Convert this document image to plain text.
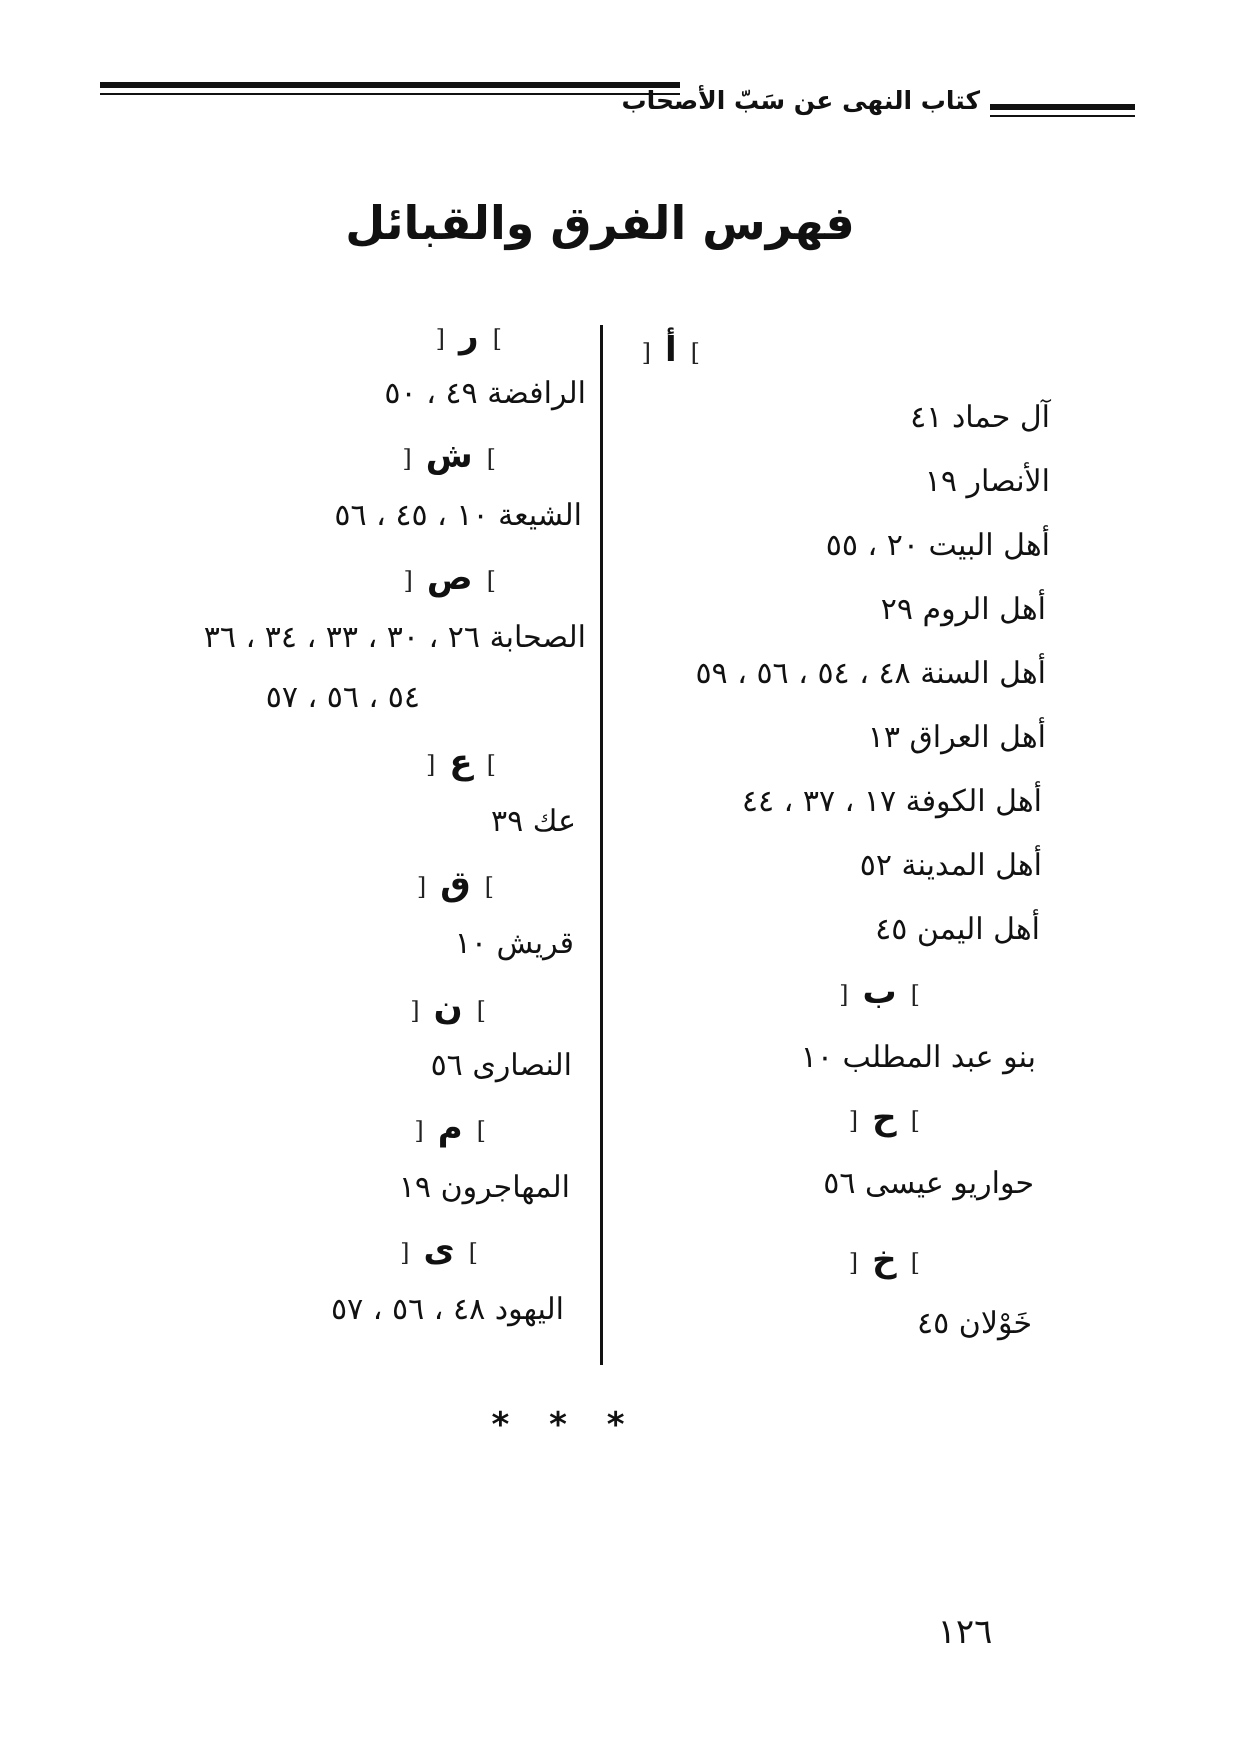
كتاب النهى عن سَبّ الأصحاب
فهرس الفرق والقبائل
]أ[
آل حماد ٤١
الأنصار ١٩
أهل البيت ٢٠ ، ٥٥
أهل الروم ٢٩
أهل السنة ٤٨ ، ٥٤ ، ٥٦ ، ٥٩
أهل العراق ١٣
أهل الكوفة ١٧ ، ٣٧ ، ٤٤
أهل المدينة ٥٢
أهل اليمن ٤٥
]ب[
بنو عبد المطلب ١٠
]ح[
حواريو عيسى ٥٦
]خ[
خَوْلان ٤٥
]ر[
الرافضة ٤٩ ، ٥٠
]ش[
الشيعة ١٠ ، ٤٥ ، ٥٦
]ص[
الصحابة ٢٦ ، ٣٠ ، ٣٣ ، ٣٤ ، ٣٦
٥٤ ، ٥٦ ، ٥٧
]ع[
عك ٣٩
]ق[
قريش ١٠
]ن[
النصارى ٥٦
]م[
المهاجرون ١٩
]ى[
اليهود ٤٨ ، ٥٦ ، ٥٧
* * *
١٢٦
